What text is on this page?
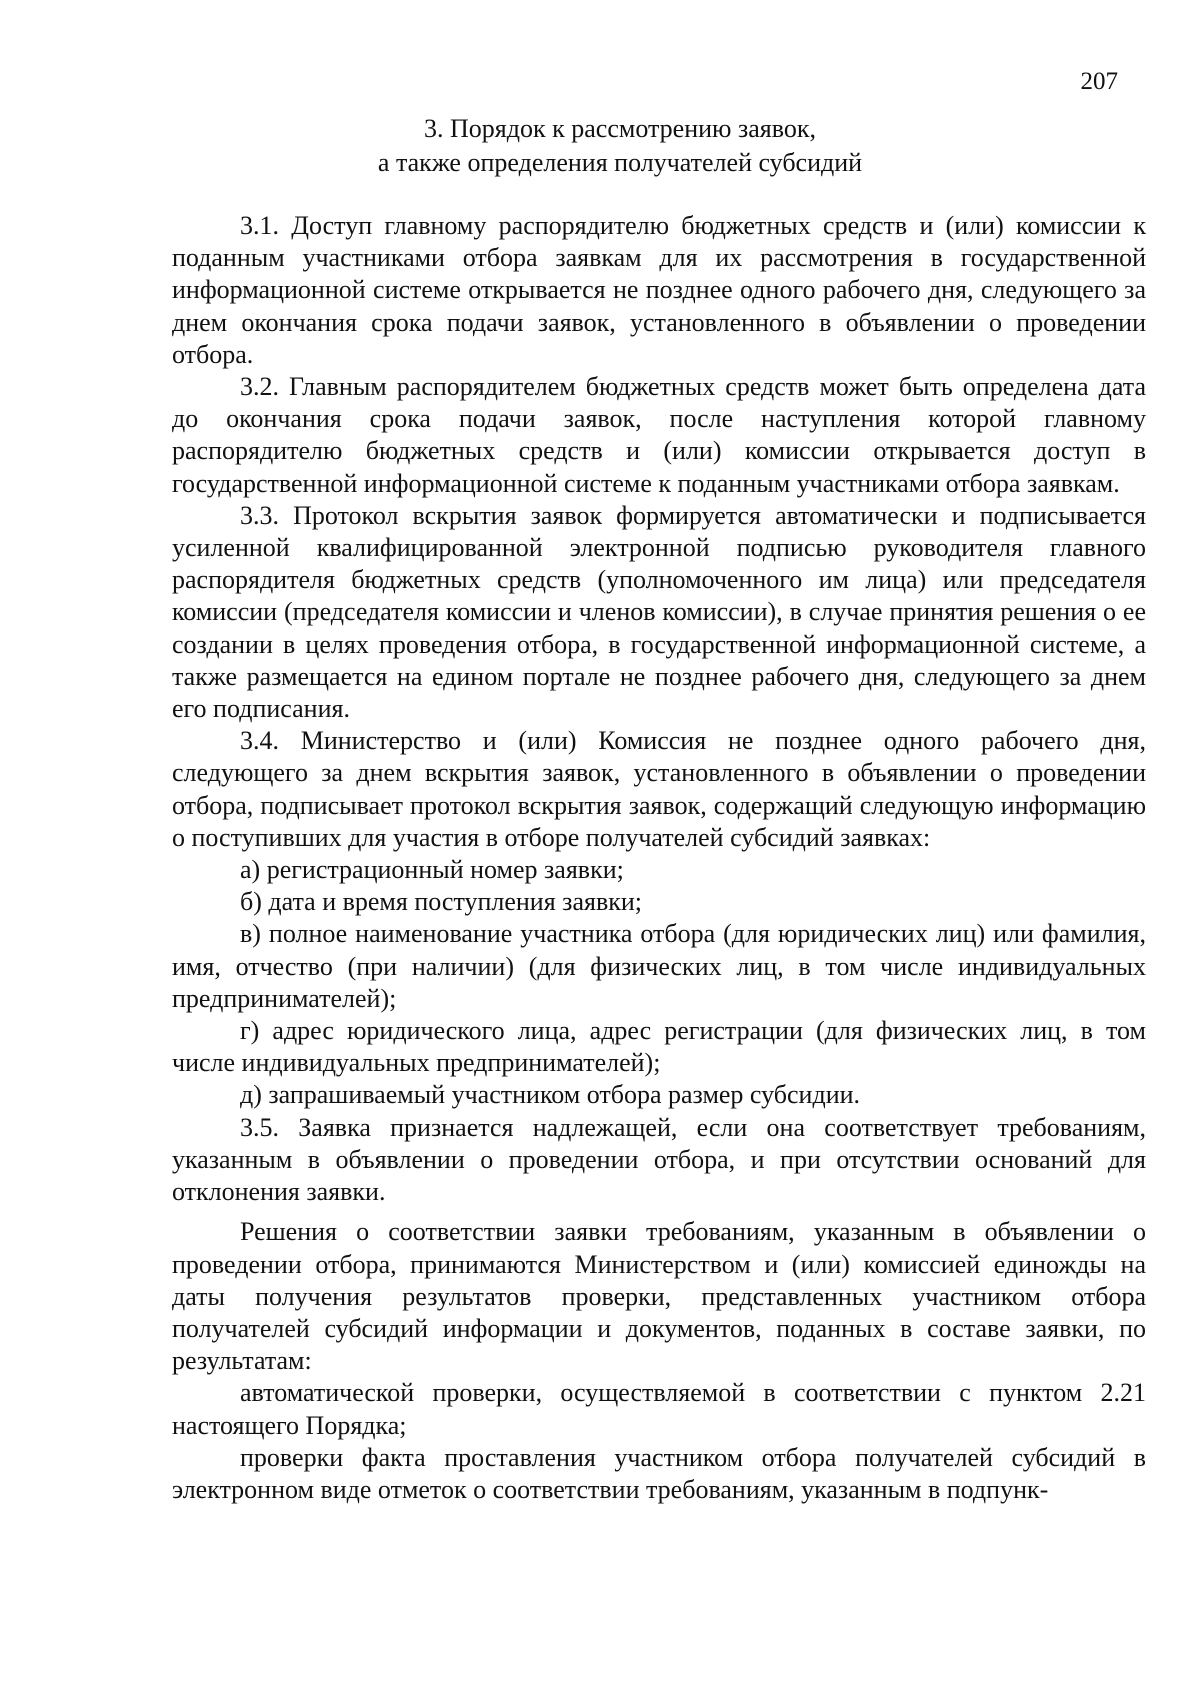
207
3. Порядок к рассмотрению заявок,
а также определения получателей субсидий

3.1. Доступ главному распорядителю бюджетных средств и (или) комиссии к поданным участниками отбора заявкам для их рассмотрения в государственной информационной системе открывается не позднее одного рабочего дня, следующего за днем окончания срока подачи заявок, установленного в объявлении о проведении отбора.

3.2. Главным распорядителем бюджетных средств может быть определена дата до окончания срока подачи заявок, после наступления которой главному распорядителю бюджетных средств и (или) комиссии открывается доступ в государственной информационной системе к поданным участниками отбора заявкам.

3.3. Протокол вскрытия заявок формируется автоматически и подписывается усиленной квалифицированной электронной подписью руководителя главного распорядителя бюджетных средств (уполномоченного им лица) или председателя комиссии (председателя комиссии и членов комиссии), в случае принятия решения о ее создании в целях проведения отбора, в государственной информационной системе, а также размещается на едином портале не позднее рабочего дня, следующего за днем его подписания.

3.4. Министерство и (или) Комиссия не позднее одного рабочего дня, следующего за днем вскрытия заявок, установленного в объявлении о проведении отбора, подписывает протокол вскрытия заявок, содержащий следующую информацию о поступивших для участия в отборе получателей субсидий заявках:

а) регистрационный номер заявки;

б) дата и время поступления заявки;

в) полное наименование участника отбора (для юридических лиц) или фамилия, имя, отчество (при наличии) (для физических лиц, в том числе индивидуальных предпринимателей);

г) адрес юридического лица, адрес регистрации (для физических лиц, в том числе индивидуальных предпринимателей);

д) запрашиваемый участником отбора размер субсидии.

3.5. Заявка признается надлежащей, если она соответствует требованиям, указанным в объявлении о проведении отбора, и при отсутствии оснований для отклонения заявки.

Решения о соответствии заявки требованиям, указанным в объявлении о проведении отбора, принимаются Министерством и (или) комиссией единожды на даты получения результатов проверки, представленных участником отбора получателей субсидий информации и документов, поданных в составе заявки, по результатам:

автоматической проверки, осуществляемой в соответствии с пунктом 2.21 настоящего Порядка;

проверки факта проставления участником отбора получателей субсидий в электронном виде отметок о соответствии требованиям, указанным в подпунк-
